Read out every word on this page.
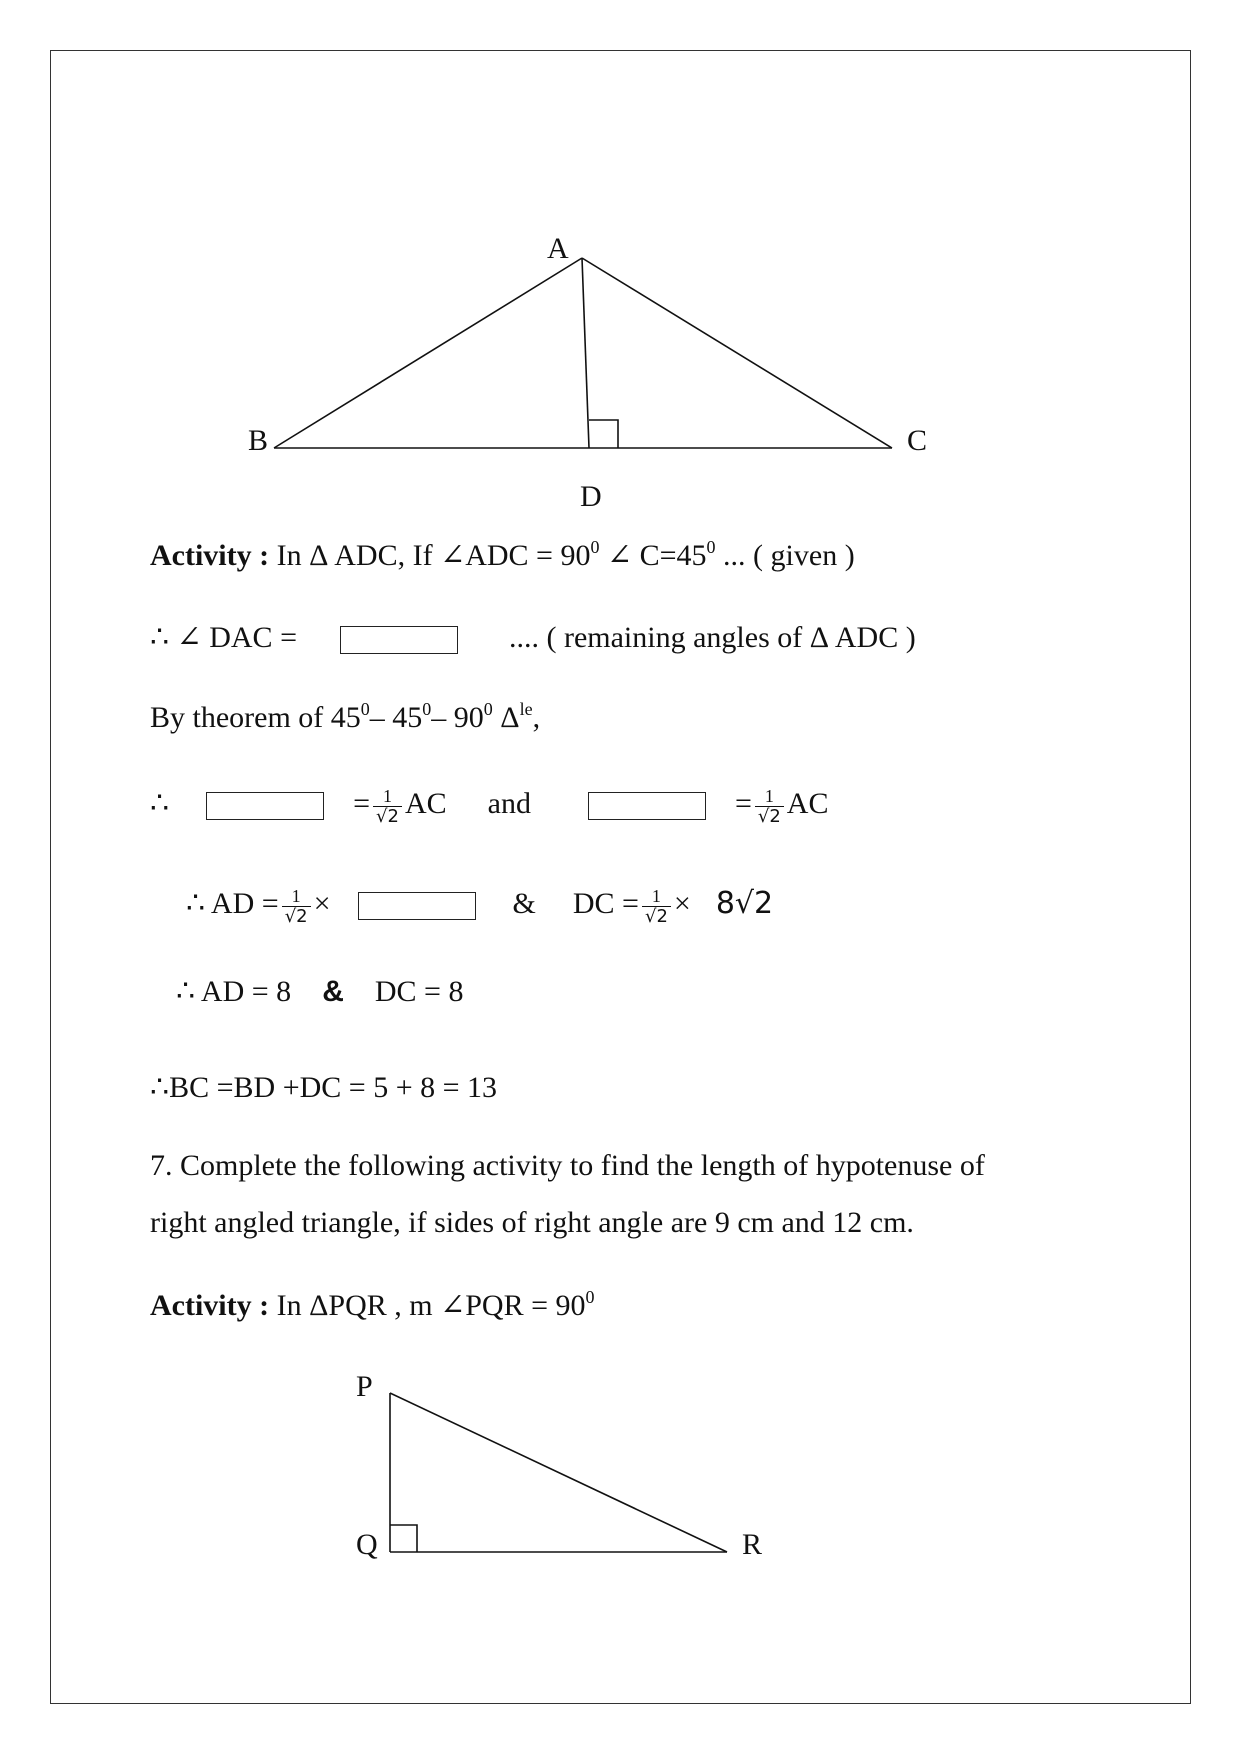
A
B	C
D
Activity : In Δ ADC, If ∠ADC = $90^0$ ∠ $C=45^0$ ... ( given )
∴ ∠ DAC =	.... ( remaining angles of Δ ADC )
By theorem of $45^0-$ $45^0-$ $90^0$ $\Delta^{le}$,
∴	= $\frac{1}{√2}$ AC and	= $\frac{1}{√2}$ AC
∴ AD = $\frac{1}{√2}$ ×	& DC = $\frac{1}{√2} \times 8√2$
∴ AD = 8 & DC = 8
∴BC =BD +DC = 5 + 8 = 13
7. Complete the following activity to find the length of hypotenuse of
right angled triangle, if sides of right angle are 9 cm and 12 cm.
Activity : In ΔPQR , m ∠PQR = $90^0$
P
Q	R
